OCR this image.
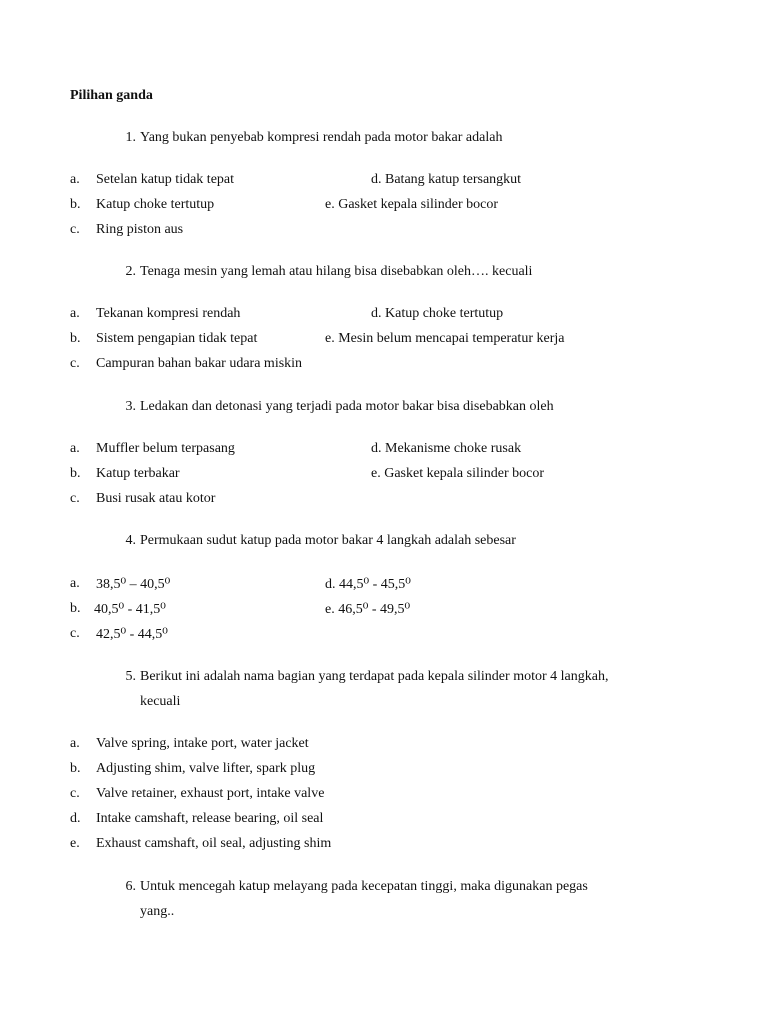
Pilihan ganda
1. Yang bukan penyebab kompresi rendah pada motor bakar adalah
a. Setelan katup tidak tepat	d. Batang katup tersangkut
b. Katup choke tertutup	e. Gasket kepala silinder bocor
c. Ring piston aus
2. Tenaga mesin yang lemah atau hilang bisa disebabkan oleh…. kecuali
a. Tekanan kompresi rendah	d. Katup choke tertutup
b. Sistem pengapian tidak tepat	e. Mesin belum mencapai temperatur kerja
c. Campuran bahan bakar udara miskin
3. Ledakan dan detonasi yang terjadi pada motor bakar bisa disebabkan oleh
a. Muffler belum terpasang	d. Mekanisme choke rusak
b. Katup terbakar	e. Gasket kepala silinder bocor
c. Busi rusak atau kotor
4. Permukaan sudut katup pada motor bakar 4 langkah adalah sebesar
a. 38,5⁰ – 40,5⁰	d. 44,5⁰ - 45,5⁰
b. 40,5⁰ - 41,5⁰	e. 46,5⁰ - 49,5⁰
c. 42,5⁰ - 44,5⁰
5. Berikut ini adalah nama bagian yang terdapat pada kepala silinder motor 4 langkah,
kecuali
a. Valve spring, intake port, water jacket
b. Adjusting shim, valve lifter, spark plug
c. Valve retainer, exhaust port, intake valve
d. Intake camshaft, release bearing, oil seal
e. Exhaust camshaft, oil seal, adjusting shim
6. Untuk mencegah katup melayang pada kecepatan tinggi, maka digunakan pegas
yang..
